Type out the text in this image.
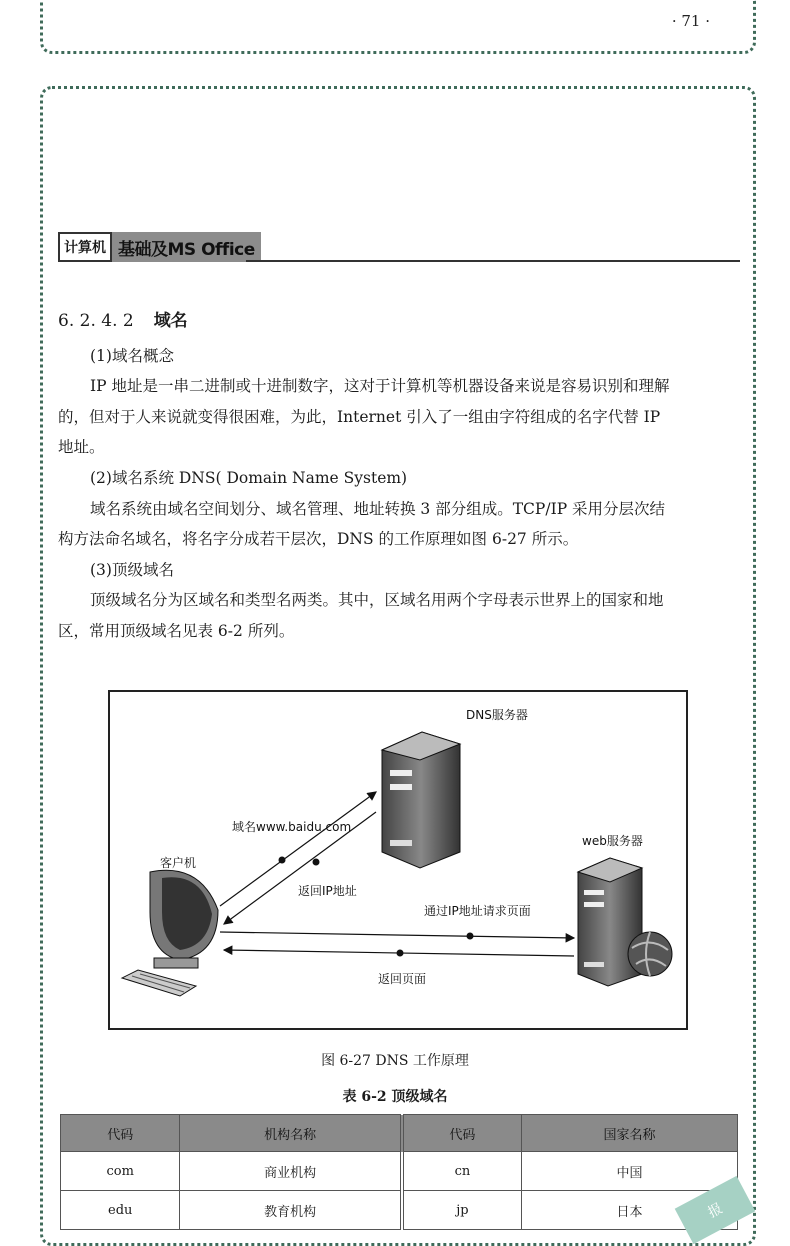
· 71 ·
计算机 基础及MS Office
6. 2. 4. 2 域名

(1)域名概念

IP 地址是一串二进制或十进制数字，这对于计算机等机器设备来说是容易识别和理解

的，但对于人来说就变得很困难，为此，Internet 引入了一组由字符组成的名字代替 IP

地址。

(2)域名系统 DNS( Domain Name System)

域名系统由域名空间划分、域名管理、地址转换 3 部分组成。TCP/IP 采用分层次结

构方法命名域名，将名字分成若干层次，DNS 的工作原理如图 6-27 所示。

(3)顶级域名

顶级域名分为区域名和类型名两类。其中，区域名用两个字母表示世界上的国家和地

区，常用顶级域名见表 6-2 所列。

DNS服务器
web服务器
客户机
域名www.baidu.com
返回IP地址
通过IP地址请求页面
返回页面
图 6-27 DNS 工作原理
表 6-2 顶级域名
代码	机构名称	代码	国家名称
com	商业机构	cn	中国
edu	教育机构	jp	日本	报
